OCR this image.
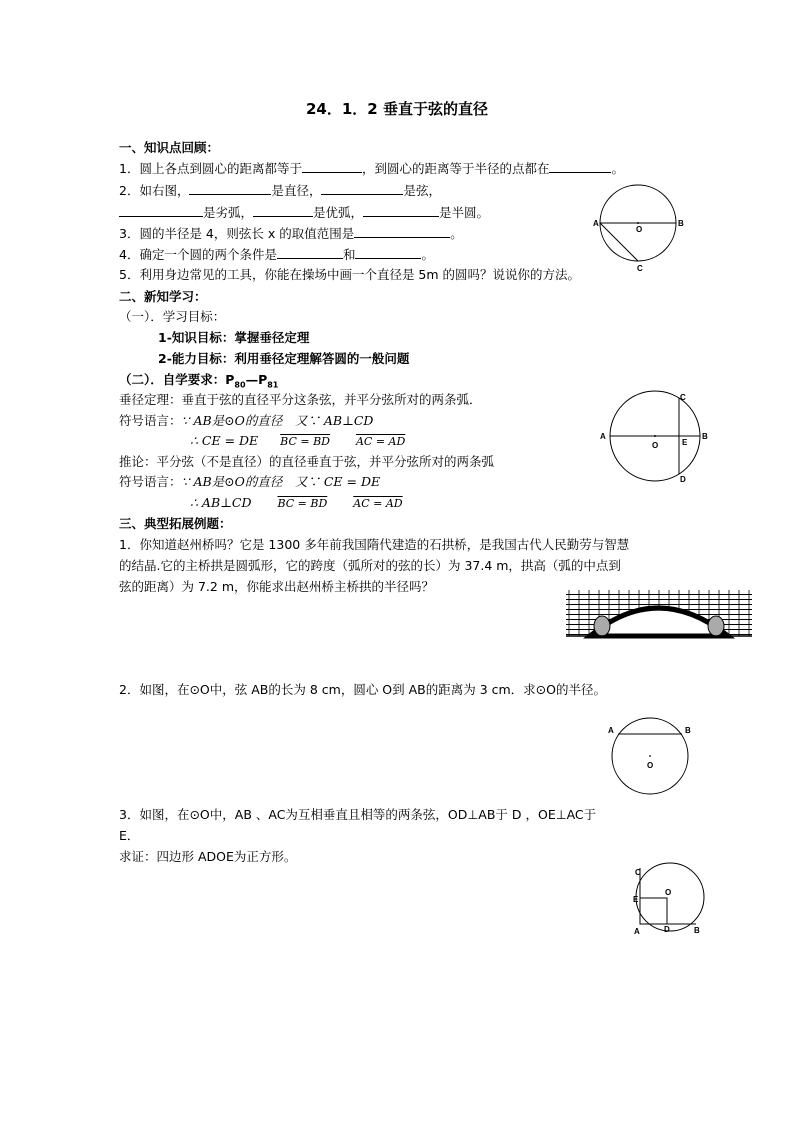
24．1．2 垂直于弦的直径
一、知识点回顾：
1．圆上各点到圆心的距离都等于	，到圆心的距离等于半径的点都在	。
2．如右图，	是直径，	是弦，
是劣弧，	是优弧，	是半圆。
3．圆的半径是 4，则弦长 x 的取值范围是	。
4．确定一个圆的两个条件是	和	。
5．利用身边常见的工具，你能在操场中画一个直径是 5m 的圆吗？说说你的方法。
二、新知学习：
（一）．学习目标：
1-知识目标：掌握垂径定理
2-能力目标：利用垂径定理解答圆的一般问题
（二）．自学要求：$P_{80}—P_{81}$
垂径定理：垂直于弦的直径平分这条弦，并平分弦所对的两条弧．
符号语言：∵ AB是⊙O的直径　又∵ AB⊥CD
∴ CE = DE BC = BD AC = AD
推论：平分弦（不是直径）的直径垂直于弦，并平分弦所对的两条弧
符号语言：∵ AB是⊙O的直径　又∵ CE = DE
∴ AB⊥CD BC = BD AC = AD
三、典型拓展例题：
1．你知道赵州桥吗？它是 1300 多年前我国隋代建造的石拱桥，是我国古代人民勤劳与智慧
的结晶.它的主桥拱是圆弧形，它的跨度（弧所对的弦的长）为 37.4 m，拱高（弧的中点到
弦的距离）为 7.2 m，你能求出赵州桥主桥拱的半径吗？
2．如图，在⊙O中，弦 AB的长为 8 cm，圆心 O到 AB的距离为 3 cm．求⊙O的半径。
3．如图，在⊙O中，AB 、AC为互相垂直且相等的两条弦，OD⊥AB于 D ，OE⊥AC于
E．
求证：四边形 ADOE为正方形。
A	B
C
O
A	B
C
D
E
O
A	B
O
C
E
O
A	D	B
